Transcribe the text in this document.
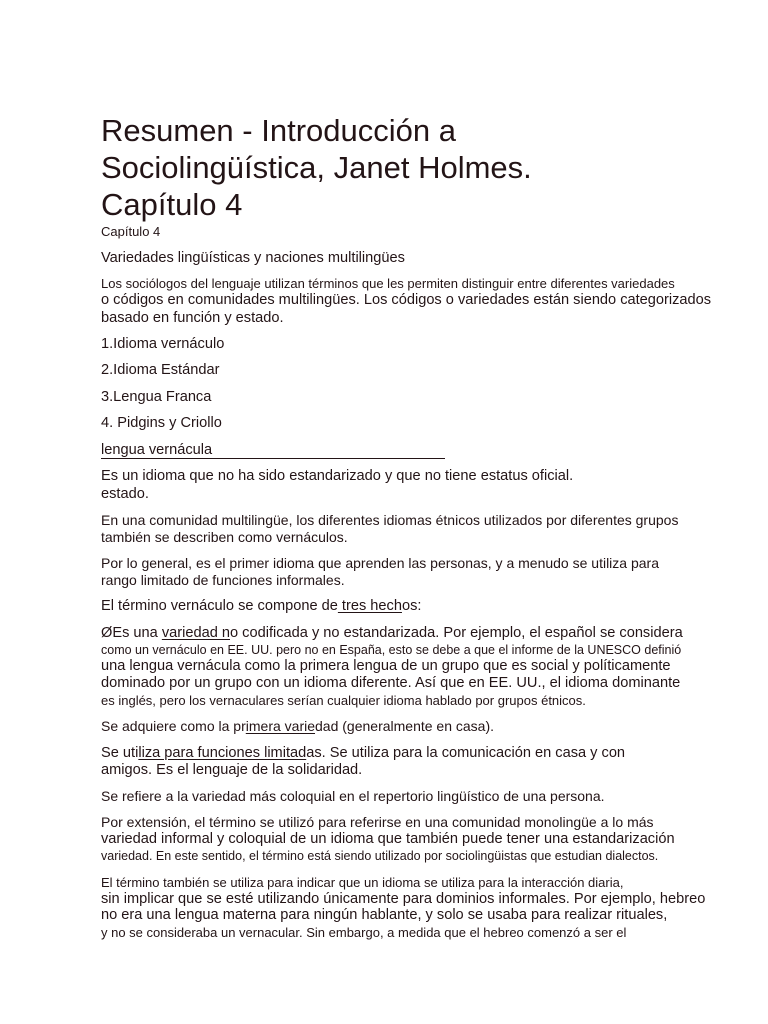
Resumen - Introducción a
Sociolingüística, Janet Holmes.
Capítulo 4
Capítulo 4
Variedades lingüísticas y naciones multilingües
Los sociólogos del lenguaje utilizan términos que les permiten distinguir entre diferentes variedades
o códigos en comunidades multilingües. Los códigos o variedades están siendo categorizados
basado en función y estado.
1.Idioma vernáculo
2.Idioma Estándar
3.Lengua Franca
4. Pidgins y Criollo
lengua vernácula
Es un idioma que no ha sido estandarizado y que no tiene estatus oficial.
estado.
En una comunidad multilingüe, los diferentes idiomas étnicos utilizados por diferentes grupos
también se describen como vernáculos.
Por lo general, es el primer idioma que aprenden las personas, y a menudo se utiliza para
rango limitado de funciones informales.
El término vernáculo se compone de tres hechos:
ØEs una variedad no codificada y no estandarizada. Por ejemplo, el español se considera
como un vernáculo en EE. UU. pero no en España, esto se debe a que el informe de la UNESCO definió
una lengua vernácula como la primera lengua de un grupo que es social y políticamente
dominado por un grupo con un idioma diferente. Así que en EE. UU., el idioma dominante
es inglés, pero los vernaculares serían cualquier idioma hablado por grupos étnicos.
Se adquiere como la primera variedad (generalmente en casa).
Se utiliza para funciones limitadas. Se utiliza para la comunicación en casa y con
amigos. Es el lenguaje de la solidaridad.
Se refiere a la variedad más coloquial en el repertorio lingüístico de una persona.
Por extensión, el término se utilizó para referirse en una comunidad monolingüe a lo más
variedad informal y coloquial de un idioma que también puede tener una estandarización
variedad. En este sentido, el término está siendo utilizado por sociolingüistas que estudian dialectos.
El término también se utiliza para indicar que un idioma se utiliza para la interacción diaria,
sin implicar que se esté utilizando únicamente para dominios informales. Por ejemplo, hebreo
no era una lengua materna para ningún hablante, y solo se usaba para realizar rituales,
y no se consideraba un vernacular. Sin embargo, a medida que el hebreo comenzó a ser el
